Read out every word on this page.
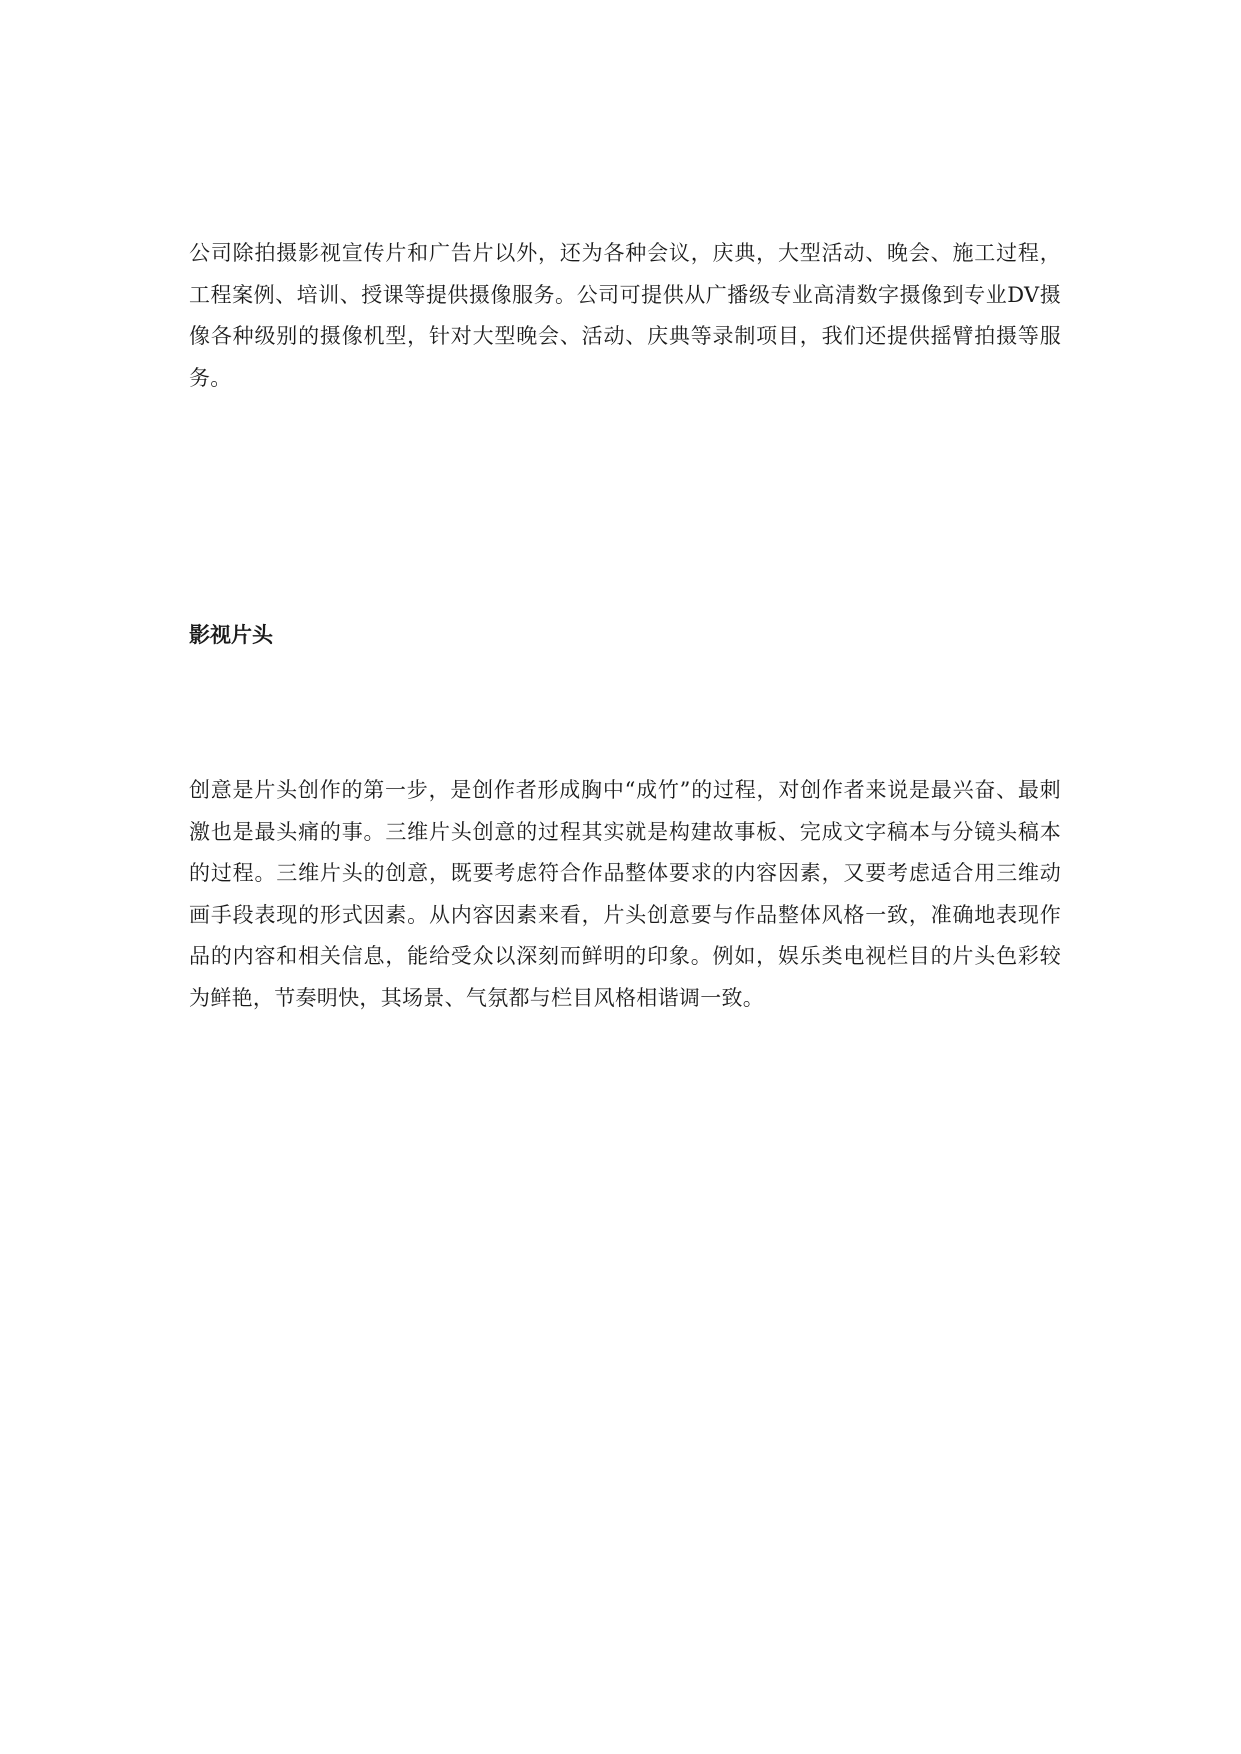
公司除拍摄影视宣传片和广告片以外，还为各种会议，庆典，大型活动、晚会、施工过程，工程案例、培训、授课等提供摄像服务。公司可提供从广播级专业高清数字摄像到专业DV摄像各种级别的摄像机型，针对大型晚会、活动、庆典等录制项目，我们还提供摇臂拍摄等服务。

影视片头

创意是片头创作的第一步，是创作者形成胸中“成竹”的过程，对创作者来说是最兴奋、最刺激也是最头痛的事。三维片头创意的过程其实就是构建故事板、完成文字稿本与分镜头稿本的过程。三维片头的创意，既要考虑符合作品整体要求的内容因素，又要考虑适合用三维动画手段表现的形式因素。从内容因素来看，片头创意要与作品整体风格一致，准确地表现作品的内容和相关信息，能给受众以深刻而鲜明的印象。例如，娱乐类电视栏目的片头色彩较为鲜艳，节奏明快，其场景、气氛都与栏目风格相谐调一致。
